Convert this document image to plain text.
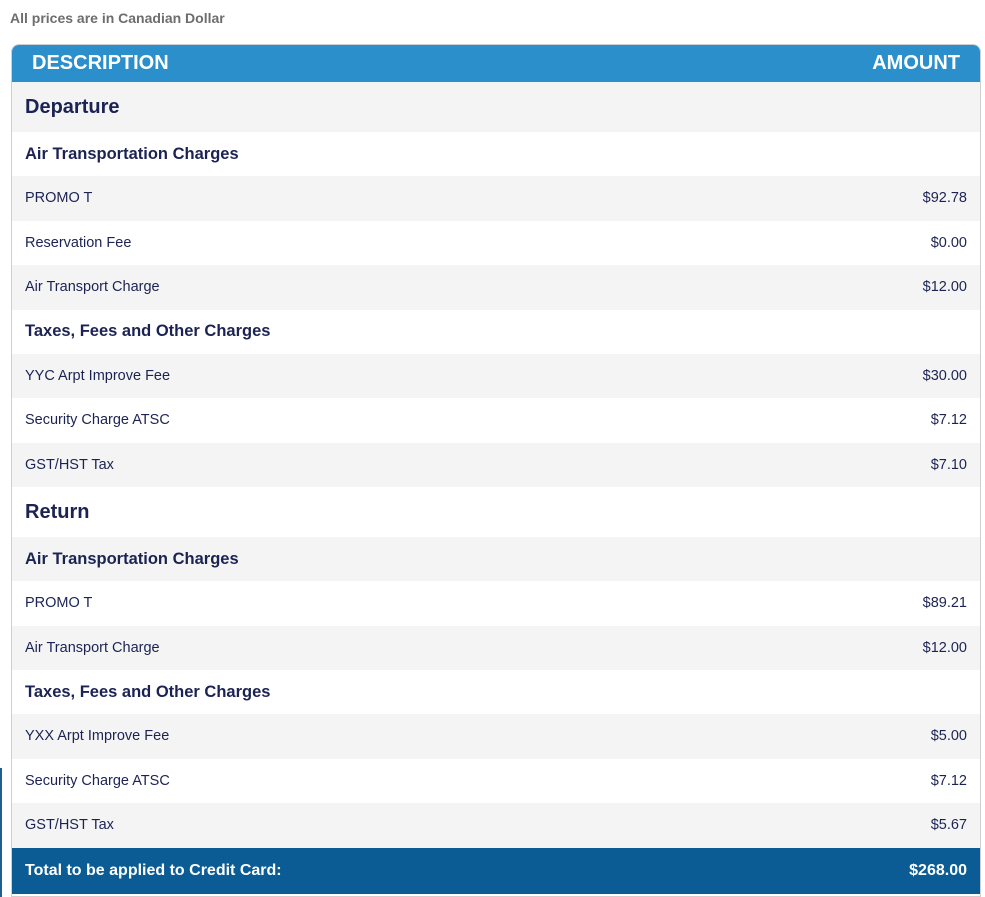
All prices are in Canadian Dollar
DESCRIPTION	AMOUNT
Departure
Air Transportation Charges
PROMO T	$92.78
Reservation Fee	$0.00
Air Transport Charge	$12.00
Taxes, Fees and Other Charges
YYC Arpt Improve Fee	$30.00
Security Charge ATSC	$7.12
GST/HST Tax	$7.10
Return
Air Transportation Charges
PROMO T	$89.21
Air Transport Charge	$12.00
Taxes, Fees and Other Charges
YXX Arpt Improve Fee	$5.00
Security Charge ATSC	$7.12
GST/HST Tax	$5.67
Total to be applied to Credit Card:	$268.00
